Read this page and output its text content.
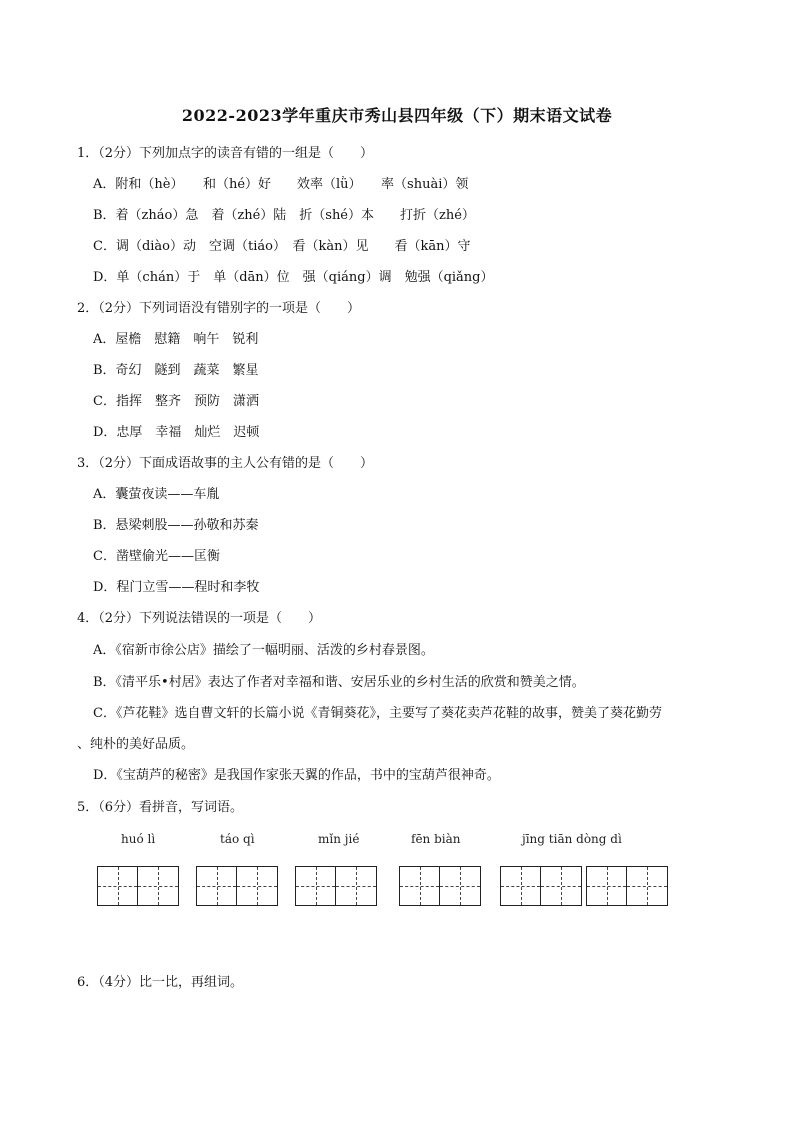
2022-2023学年重庆市秀山县四年级（下）期末语文试卷
1．（2分）下列加点字的读音有错的一组是（　　）
A．附和（hè）　　和（hé）好　　效率（lǜ）　　率（shuài）领
B．着（zháo）急　着（zhé）陆　折（shé）本　　打折（zhé）
C．调（diào）动　空调（tiáo）　看（kàn）见　　看（kān）守
D．单（chán）于　单（dān）位　强（qiáng）调　勉强（qiǎng）
2．（2分）下列词语没有错别字的一项是（　　）
A．屋檐　慰籍　响午　锐利
B．奇幻　隧到　蔬菜　繁星
C．指挥　整齐　预防　潇洒
D．忠厚　幸福　灿烂　迟顿
3．（2分）下面成语故事的主人公有错的是（　　）
A．囊萤夜读——车胤
B．悬梁刺股——孙敬和苏秦
C．凿壁偷光——匡衡
D．程门立雪——程时和李牧
4．（2分）下列说法错误的一项是（　　）
A．《宿新市徐公店》描绘了一幅明丽、活泼的乡村春景图。
B．《清平乐•村居》表达了作者对幸福和谐、安居乐业的乡村生活的欣赏和赞美之情。
C．《芦花鞋》选自曹文轩的长篇小说《青铜葵花》，主要写了葵花卖芦花鞋的故事，赞美了葵花勤劳
、纯朴的美好品质。
D．《宝葫芦的秘密》是我国作家张天翼的作品，书中的宝葫芦很神奇。
5．（6分）看拼音，写词语。
huó lì	táo qì	mǐn jié	fēn biàn	jīng tiān dòng dì
6．（4分）比一比，再组词。
